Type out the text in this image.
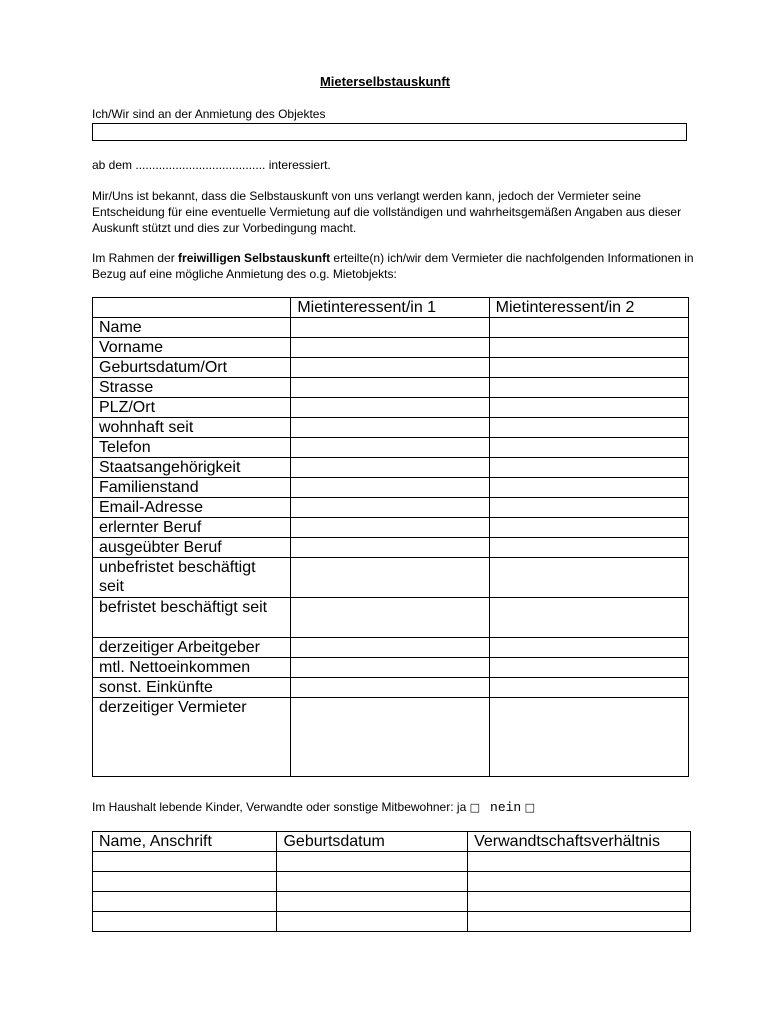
Mieterselbstauskunft

Ich/Wir sind an der Anmietung des Objektes

ab dem ....................................... interessiert.

Mir/Uns ist bekannt, dass die Selbstauskunft von uns verlangt werden kann, jedoch der Vermieter seine Entscheidung für eine eventuelle Vermietung auf die vollständigen und wahrheitsgemäßen Angaben aus dieser Auskunft stützt und dies zur Vorbedingung macht.

Im Rahmen der freiwilligen Selbstauskunft erteilte(n) ich/wir dem Vermieter die nachfolgenden Informationen in Bezug auf eine mögliche Anmietung des o.g. Mietobjekts:

	Mietinteressent/in 1	Mietinteressent/in 2
Name		
Vorname		
Geburtsdatum/Ort		
Strasse		
PLZ/Ort		
wohnhaft seit		
Telefon		
Staatsangehörigkeit		
Familienstand		
Email-Adresse		
erlernter Beruf		
ausgeübter Beruf		
unbefristet beschäftigt seit		
befristet beschäftigt seit		
derzeitiger Arbeitgeber		
mtl. Nettoeinkommen		
sonst. Einkünfte		
derzeitiger Vermieter		

Im Haushalt lebende Kinder, Verwandte oder sonstige Mitbewohner: ja □ nein □

Name, Anschrift	Geburtsdatum	Verwandtschaftsverhältnis
